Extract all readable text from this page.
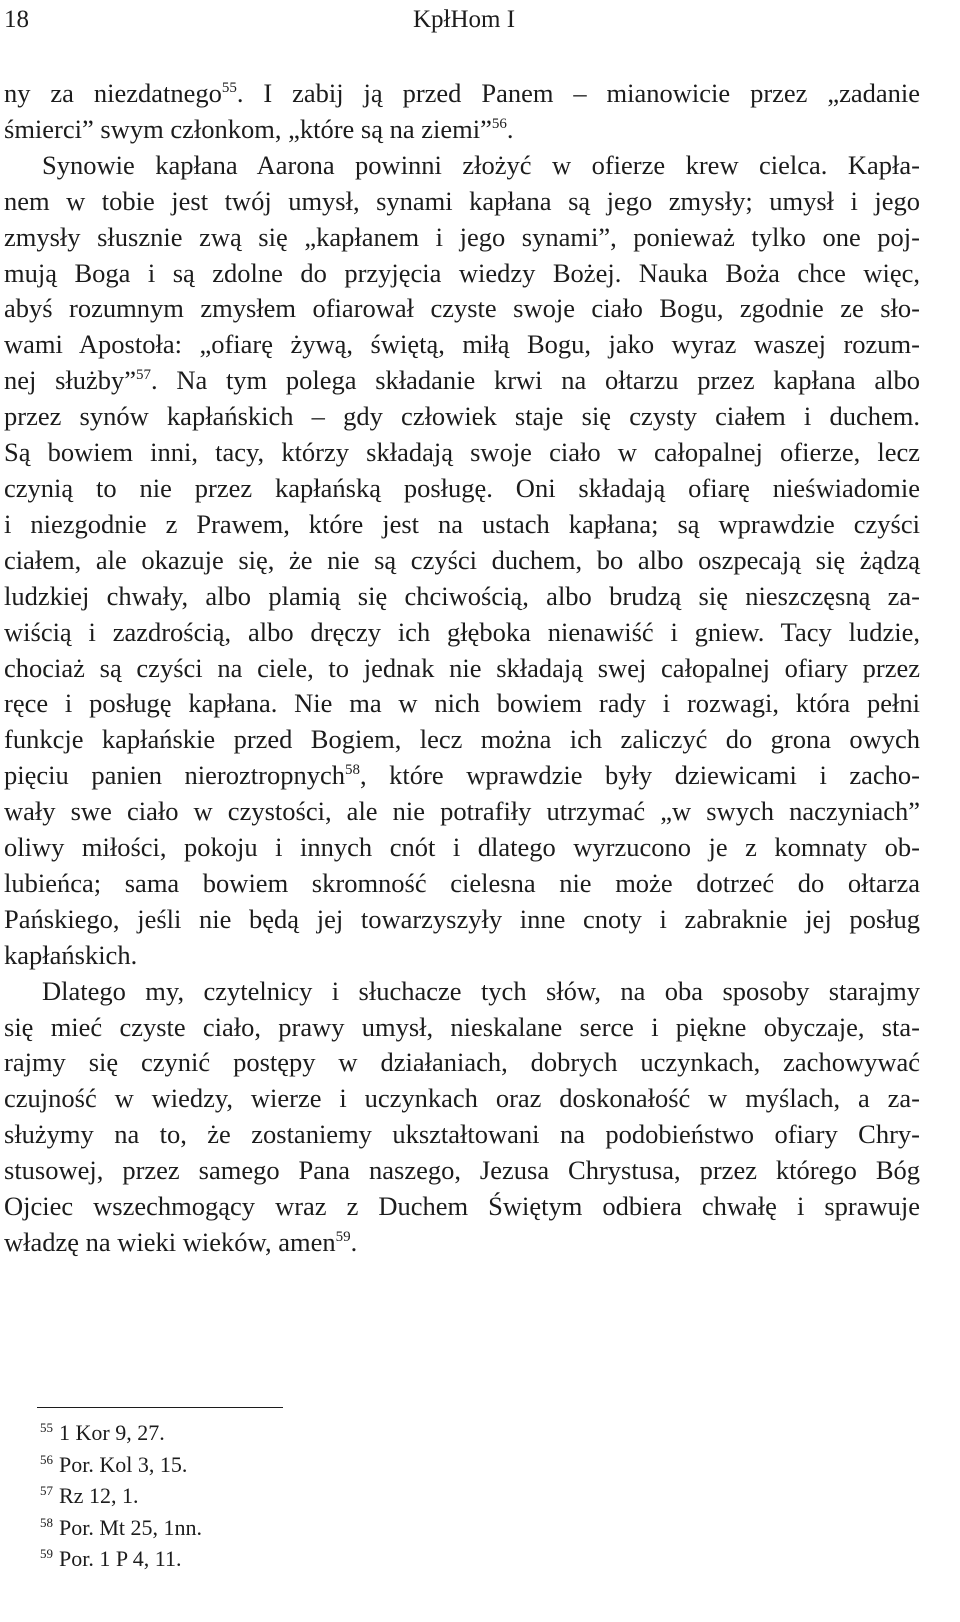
18	KpłHom I
ny za niezdatnego$^{55}$. I zabij ją przed Panem – mianowicie przez „zadanie
śmierci” swym członkom, „które są na ziemi”$^{56}$.
Synowie kapłana Aarona powinni złożyć w ofierze krew cielca. Kapła-
nem w tobie jest twój umysł, synami kapłana są jego zmysły; umysł i jego
zmysły słusznie zwą się „kapłanem i jego synami”, ponieważ tylko one poj-
mują Boga i są zdolne do przyjęcia wiedzy Bożej. Nauka Boża chce więc,
abyś rozumnym zmysłem ofiarował czyste swoje ciało Bogu, zgodnie ze sło-
wami Apostoła: „ofiarę żywą, świętą, miłą Bogu, jako wyraz waszej rozum-
nej służby”$^{57}$. Na tym polega składanie krwi na ołtarzu przez kapłana albo
przez synów kapłańskich – gdy człowiek staje się czysty ciałem i duchem.
Są bowiem inni, tacy, którzy składają swoje ciało w całopalnej ofierze, lecz
czynią to nie przez kapłańską posługę. Oni składają ofiarę nieświadomie
i niezgodnie z Prawem, które jest na ustach kapłana; są wprawdzie czyści
ciałem, ale okazuje się, że nie są czyści duchem, bo albo oszpecają się żądzą
ludzkiej chwały, albo plamią się chciwością, albo brudzą się nieszczęsną za-
wiścią i zazdrością, albo dręczy ich głęboka nienawiść i gniew. Tacy ludzie,
chociaż są czyści na ciele, to jednak nie składają swej całopalnej ofiary przez
ręce i posługę kapłana. Nie ma w nich bowiem rady i rozwagi, która pełni
funkcje kapłańskie przed Bogiem, lecz można ich zaliczyć do grona owych
pięciu panien nieroztropnych$^{58}$, które wprawdzie były dziewicami i zacho-
wały swe ciało w czystości, ale nie potrafiły utrzymać „w swych naczyniach”
oliwy miłości, pokoju i innych cnót i dlatego wyrzucono je z komnaty ob-
lubieńca; sama bowiem skromność cielesna nie może dotrzeć do ołtarza
Pańskiego, jeśli nie będą jej towarzyszyły inne cnoty i zabraknie jej posług
kapłańskich.
Dlatego my, czytelnicy i słuchacze tych słów, na oba sposoby starajmy
się mieć czyste ciało, prawy umysł, nieskalane serce i piękne obyczaje, sta-
rajmy się czynić postępy w działaniach, dobrych uczynkach, zachowywać
czujność w wiedzy, wierze i uczynkach oraz doskonałość w myślach, a za-
służymy na to, że zostaniemy ukształtowani na podobieństwo ofiary Chry-
stusowej, przez samego Pana naszego, Jezusa Chrystusa, przez którego Bóg
Ojciec wszechmogący wraz z Duchem Świętym odbiera chwałę i sprawuje
władzę na wieki wieków, amen$^{59}$.
$^{55}$ 1 Kor 9, 27.
$^{56}$ Por. Kol 3, 15.
$^{57}$ Rz 12, 1.
$^{58}$ Por. Mt 25, 1nn.
$^{59}$ Por. 1 P 4, 11.
